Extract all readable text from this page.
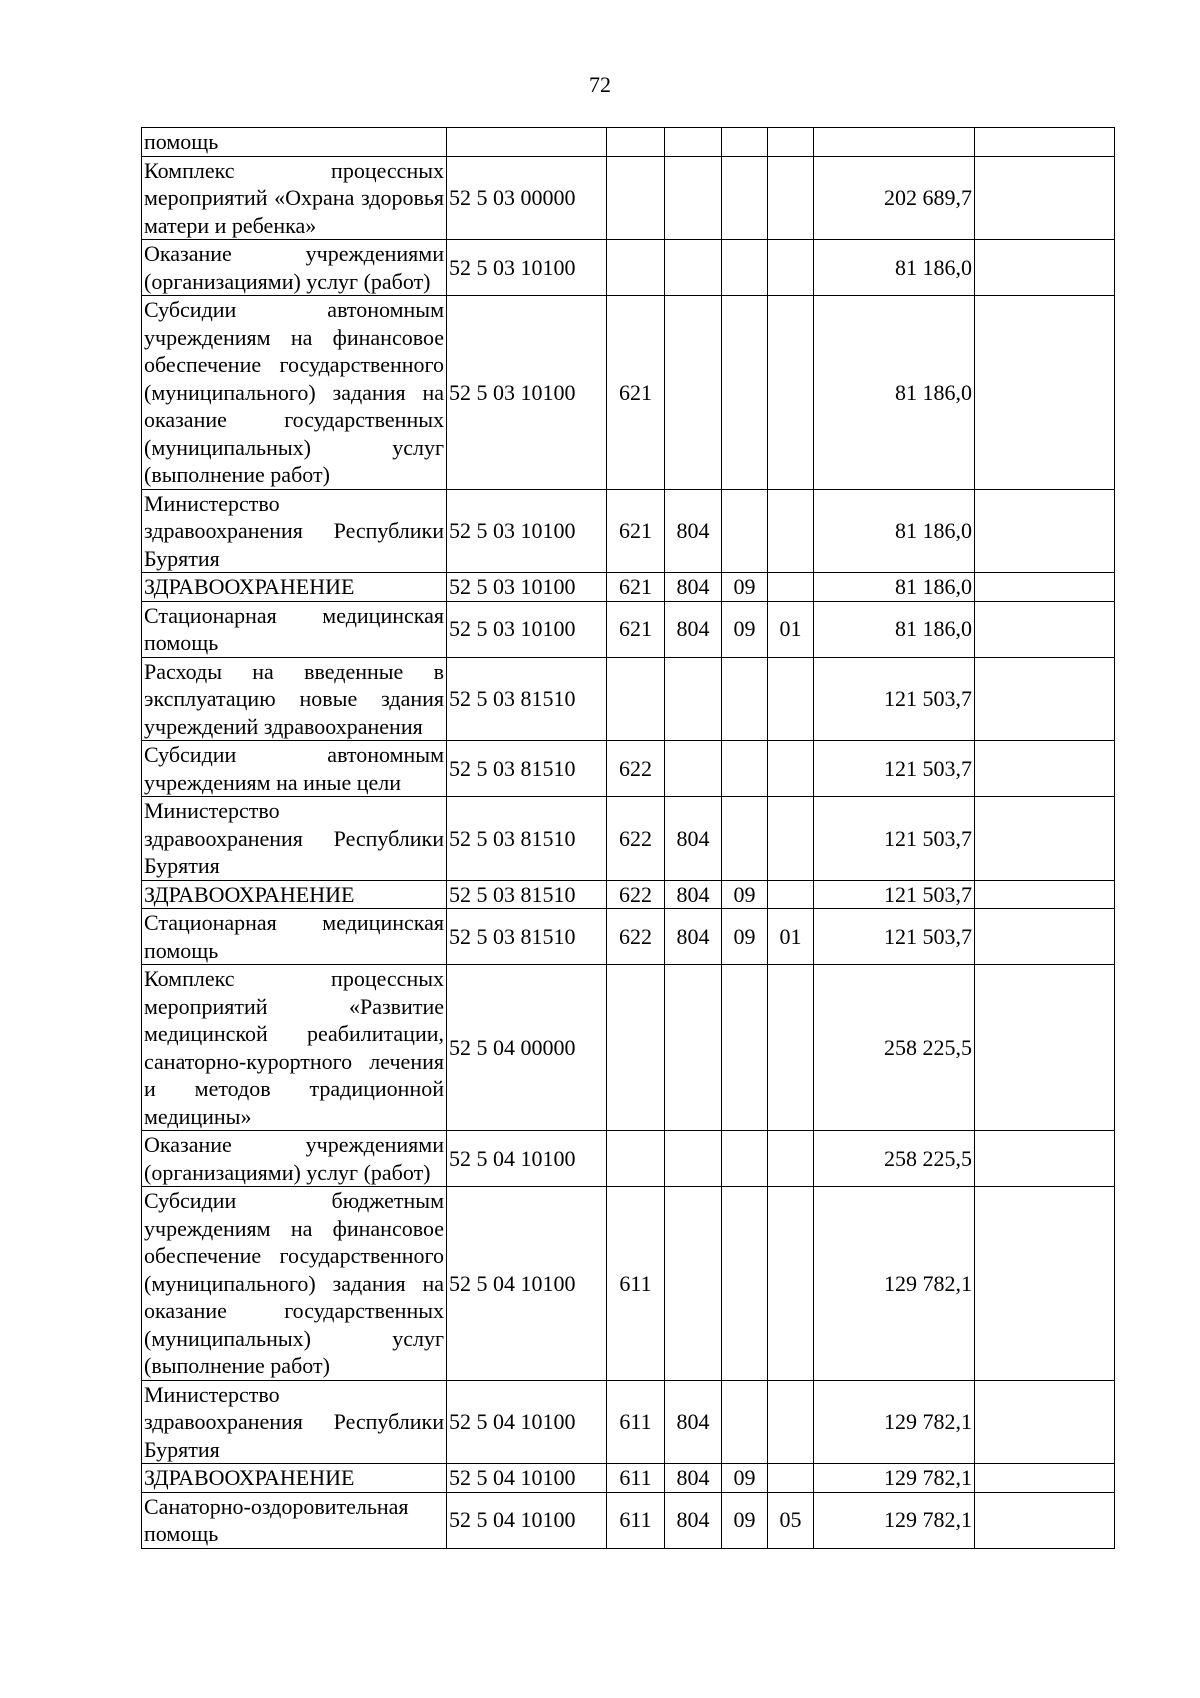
72
помощь							
Комплекс процессных мероприятий «Охрана здоровья матери и ребенка»	52 5 03 00000					202 689,7	
Оказание учреждениями (организациями) услуг (работ)	52 5 03 10100					81 186,0	
Субсидии автономным учреждениям на финансовое обеспечение государственного (муниципального) задания на оказание государственных (муниципальных) услуг (выполнение работ)	52 5 03 10100	621				81 186,0	
Министерство здравоохранения Республики Бурятия	52 5 03 10100	621	804			81 186,0	
ЗДРАВООХРАНЕНИЕ	52 5 03 10100	621	804	09		81 186,0	
Стационарная медицинская помощь	52 5 03 10100	621	804	09	01	81 186,0	
Расходы на введенные в эксплуатацию новые здания учреждений здравоохранения	52 5 03 81510					121 503,7	
Субсидии автономным учреждениям на иные цели	52 5 03 81510	622				121 503,7	
Министерство здравоохранения Республики Бурятия	52 5 03 81510	622	804			121 503,7	
ЗДРАВООХРАНЕНИЕ	52 5 03 81510	622	804	09		121 503,7	
Стационарная медицинская помощь	52 5 03 81510	622	804	09	01	121 503,7	
Комплекс процессных мероприятий «Развитие медицинской реабилитации, санаторно-курортного лечения и методов традиционной медицины»	52 5 04 00000					258 225,5	
Оказание учреждениями (организациями) услуг (работ)	52 5 04 10100					258 225,5	
Субсидии бюджетным учреждениям на финансовое обеспечение государственного (муниципального) задания на оказание государственных (муниципальных) услуг (выполнение работ)	52 5 04 10100	611				129 782,1	
Министерство здравоохранения Республики Бурятия	52 5 04 10100	611	804			129 782,1	
ЗДРАВООХРАНЕНИЕ	52 5 04 10100	611	804	09		129 782,1	
Санаторно-оздоровительная помощь	52 5 04 10100	611	804	09	05	129 782,1	
